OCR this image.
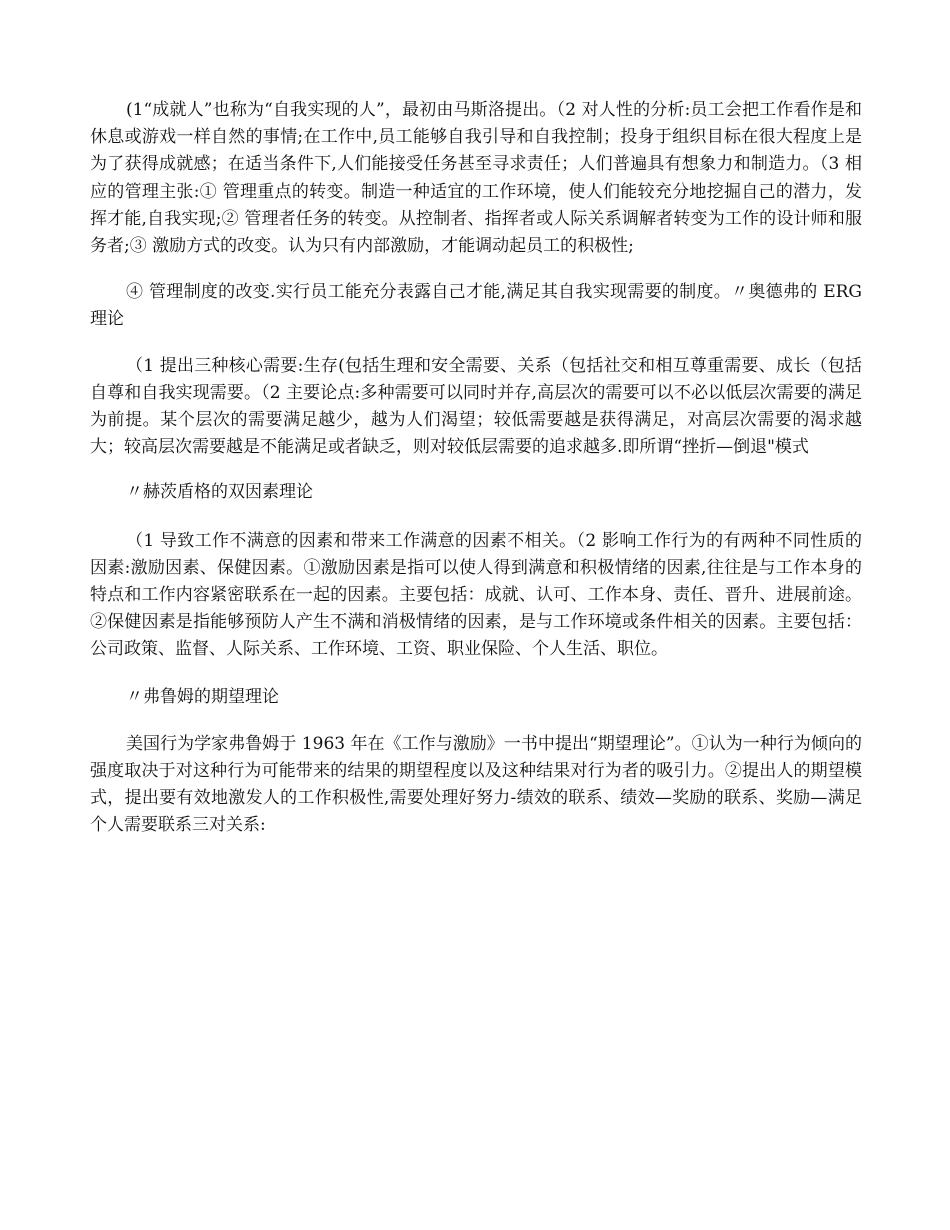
(1“成就人”也称为“自我实现的人”，最初由马斯洛提出。（2 对人性的分析:员工会把工作看作是和休息或游戏一样自然的事情;在工作中,员工能够自我引导和自我控制；投身于组织目标在很大程度上是为了获得成就感；在适当条件下,人们能接受任务甚至寻求责任；人们普遍具有想象力和制造力。（3 相应的管理主张:① 管理重点的转变。制造一种适宜的工作环境，使人们能较充分地挖掘自己的潜力，发挥才能,自我实现;② 管理者任务的转变。从控制者、指挥者或人际关系调解者转变为工作的设计师和服务者;③ 激励方式的改变。认为只有内部激励，才能调动起员工的积极性;

④ 管理制度的改变.实行员工能充分表露自己才能,满足其自我实现需要的制度。〃奥德弗的 ERG 理论

（1 提出三种核心需要:生存(包括生理和安全需要、关系（包括社交和相互尊重需要、成长（包括自尊和自我实现需要。（2 主要论点:多种需要可以同时并存,高层次的需要可以不必以低层次需要的满足为前提。某个层次的需要满足越少，越为人们渴望；较低需要越是获得满足，对高层次需要的渴求越大；较高层次需要越是不能满足或者缺乏，则对较低层需要的追求越多.即所谓“挫折—倒退"模式

〃赫茨盾格的双因素理论

（1 导致工作不满意的因素和带来工作满意的因素不相关。（2 影响工作行为的有两种不同性质的因素:激励因素、保健因素。①激励因素是指可以使人得到满意和积极情绪的因素,往往是与工作本身的特点和工作内容紧密联系在一起的因素。主要包括：成就、认可、工作本身、责任、晋升、进展前途。②保健因素是指能够预防人产生不满和消极情绪的因素，是与工作环境或条件相关的因素。主要包括：公司政策、监督、人际关系、工作环境、工资、职业保险、个人生活、职位。

〃弗鲁姆的期望理论

美国行为学家弗鲁姆于 1963 年在《工作与激励》一书中提出“期望理论”。①认为一种行为倾向的强度取决于对这种行为可能带来的结果的期望程度以及这种结果对行为者的吸引力。②提出人的期望模式，提出要有效地激发人的工作积极性,需要处理好努力-绩效的联系、绩效—奖励的联系、奖励—满足个人需要联系三对关系:
